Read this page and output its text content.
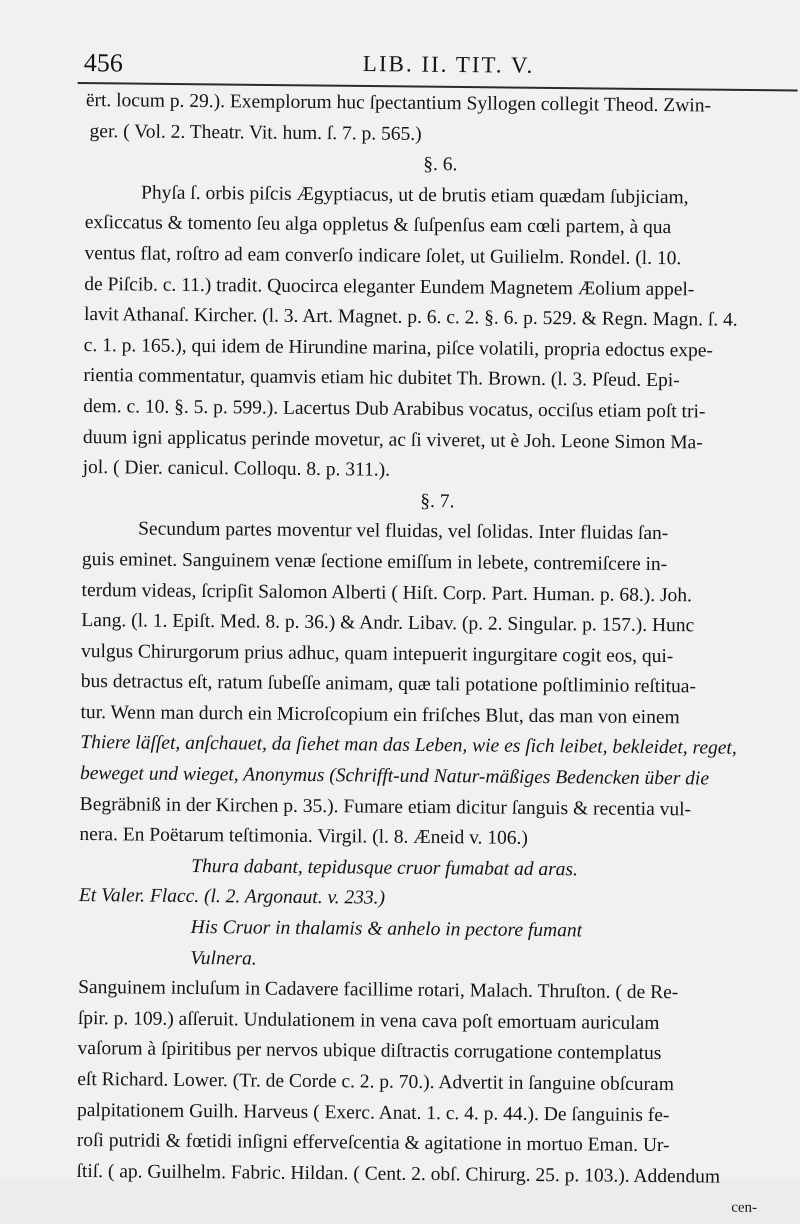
456	LIB. II. TIT. V.
ërt. locum p. 29.). Exemplorum huc ſpectantium Syllogen collegit Theod. Zwin-
ger. ( Vol. 2. Theatr. Vit. hum. ſ. 7. p. 565.)
§. 6.
Phyſa ſ. orbis piſcis Ægyptiacus, ut de brutis etiam quædam ſubjiciam,
exſiccatus & tomento ſeu alga oppletus & ſuſpenſus eam cœli partem, à qua
ventus flat, roſtro ad eam converſo indicare ſolet, ut Guilielm. Rondel. (l. 10.
de Piſcib. c. 11.) tradit. Quocirca eleganter Eundem Magnetem Æolium appel-
lavit Athanaſ. Kircher. (l. 3. Art. Magnet. p. 6. c. 2. §. 6. p. 529. & Regn. Magn. ſ. 4.
c. 1. p. 165.), qui idem de Hirundine marina, piſce volatili, propria edoctus expe-
rientia commentatur, quamvis etiam hic dubitet Th. Brown. (l. 3. Pſeud. Epi-
dem. c. 10. §. 5. p. 599.). Lacertus Dub Arabibus vocatus, occiſus etiam poſt tri-
duum igni applicatus perinde movetur, ac ſi viveret, ut è Joh. Leone Simon Ma-
jol. ( Dier. canicul. Colloqu. 8. p. 311.).
§. 7.
Secundum partes moventur vel fluidas, vel ſolidas. Inter fluidas ſan-
guis eminet. Sanguinem venæ ſectione emiſſum in lebete, contremiſcere in-
terdum videas, ſcripſit Salomon Alberti ( Hiſt. Corp. Part. Human. p. 68.). Joh.
Lang. (l. 1. Epiſt. Med. 8. p. 36.) & Andr. Libav. (p. 2. Singular. p. 157.). Hunc
vulgus Chirurgorum prius adhuc, quam intepuerit ingurgitare cogit eos, qui-
bus detractus eſt, ratum ſubeſſe animam, quæ tali potatione poſtliminio reſtitua-
tur. Wenn man durch ein Microſcopium ein friſches Blut, das man von einem
Thiere läſſet, anſchauet, da ſiehet man das Leben, wie es ſich leibet, bekleidet, reget,
beweget und wieget, Anonymus (Schrifft-und Natur-mäßiges Bedencken über die
Begräbniß in der Kirchen p. 35.). Fumare etiam dicitur ſanguis & recentia vul-
nera. En Poëtarum teſtimonia. Virgil. (l. 8. Æneid v. 106.)
Thura dabant, tepidusque cruor fumabat ad aras.
Et Valer. Flacc. (l. 2. Argonaut. v. 233.)
His Cruor in thalamis & anhelo in pectore fumant
Vulnera.
Sanguinem incluſum in Cadavere facillime rotari, Malach. Thruſton. ( de Re-
ſpir. p. 109.) aſſeruit. Undulationem in vena cava poſt emortuam auriculam
vaſorum à ſpiritibus per nervos ubique diſtractis corrugatione contemplatus
eſt Richard. Lower. (Tr. de Corde c. 2. p. 70.). Advertit in ſanguine obſcuram
palpitationem Guilh. Harveus ( Exerc. Anat. 1. c. 4. p. 44.). De ſanguinis fe-
roſi putridi & fœtidi inſigni effervеſcentia & agitatione in mortuo Eman. Ur-
ſtiſ. ( ap. Guilhelm. Fabric. Hildan. ( Cent. 2. obſ. Chirurg. 25. p. 103.). Addendum
cen-
